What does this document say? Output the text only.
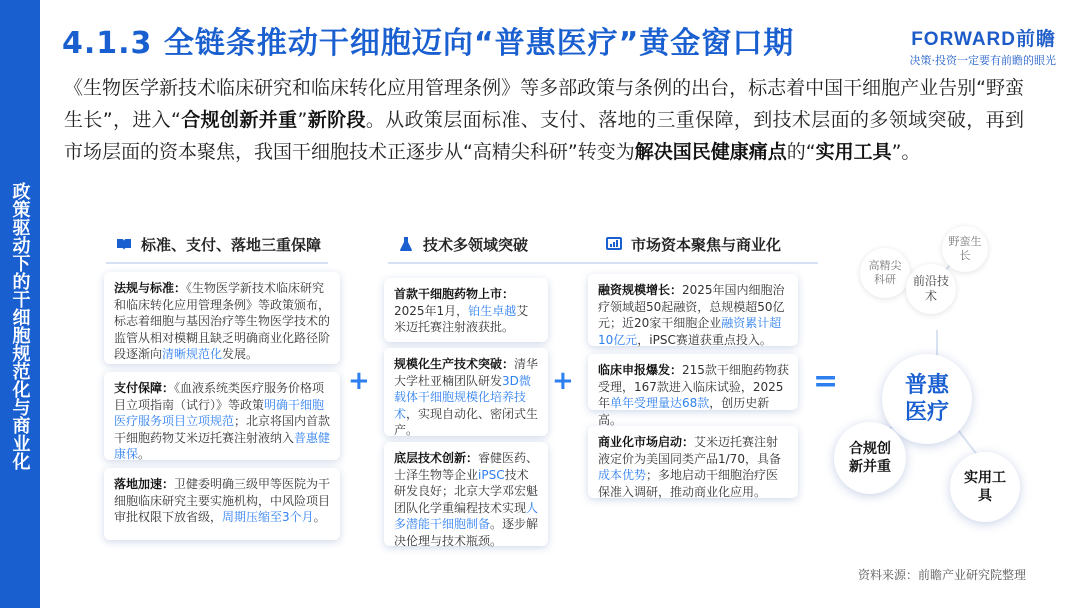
政策驱动下的干细胞规范化与商业化
4.1.3 全链条推动干细胞迈向“普惠医疗”黄金窗口期	FORWARD前瞻
决策·投资一定要有前瞻的眼光
《生物医学新技术临床研究和临床转化应用管理条例》等多部政策与条例的出台，标志着中国干细胞产业告别“野蛮生长”，进入“合规创新并重”新阶段。从政策层面标准、支付、落地的三重保障，到技术层面的多领域突破，再到市场层面的资本聚焦，我国干细胞技术正逐步从“高精尖科研”转变为解决国民健康痛点的“实用工具”。
标准、支付、落地三重保障
法规与标准：《生物医学新技术临床研究和临床转化应用管理条例》等政策颁布，标志着细胞与基因治疗等生物医学技术的监管从相对模糊且缺乏明确商业化路径阶段逐渐向清晰规范化发展。
支付保障：《血液系统类医疗服务价格项目立项指南（试行）》等政策明确干细胞医疗服务项目立项规范；北京将国内首款干细胞药物艾米迈托赛注射液纳入普惠健康保。
落地加速：卫健委明确三级甲等医院为干细胞临床研究主要实施机构，中风险项目审批权限下放省级，周期压缩至3个月。
+
技术多领域突破
首款干细胞药物上市：2025年1月，铂生卓越艾米迈托赛注射液获批。
规模化生产技术突破：清华大学杜亚楠团队研发3D微载体干细胞规模化培养技术，实现自动化、密闭式生产。
底层技术创新：睿健医药、士泽生物等企业iPSC技术研发良好；北京大学邓宏魁团队化学重编程技术实现人多潜能干细胞制备。逐步解决伦理与技术瓶颈。
+
市场资本聚焦与商业化
融资规模增长：2025年国内细胞治疗领域超50起融资，总规模超50亿元；近20家干细胞企业融资累计超10亿元，iPSC赛道获重点投入。
临床申报爆发：215款干细胞药物获受理，167款进入临床试验，2025年单年受理量达68款，创历史新高。
商业化市场启动：艾米迈托赛注射液定价为美国同类产品1/70，具备成本优势；多地启动干细胞治疗医保准入调研，推动商业化应用。
=
野蛮生长
高精尖科研	前沿技术
普惠医疗
合规创新并重
实用工具
资料来源：前瞻产业研究院整理
